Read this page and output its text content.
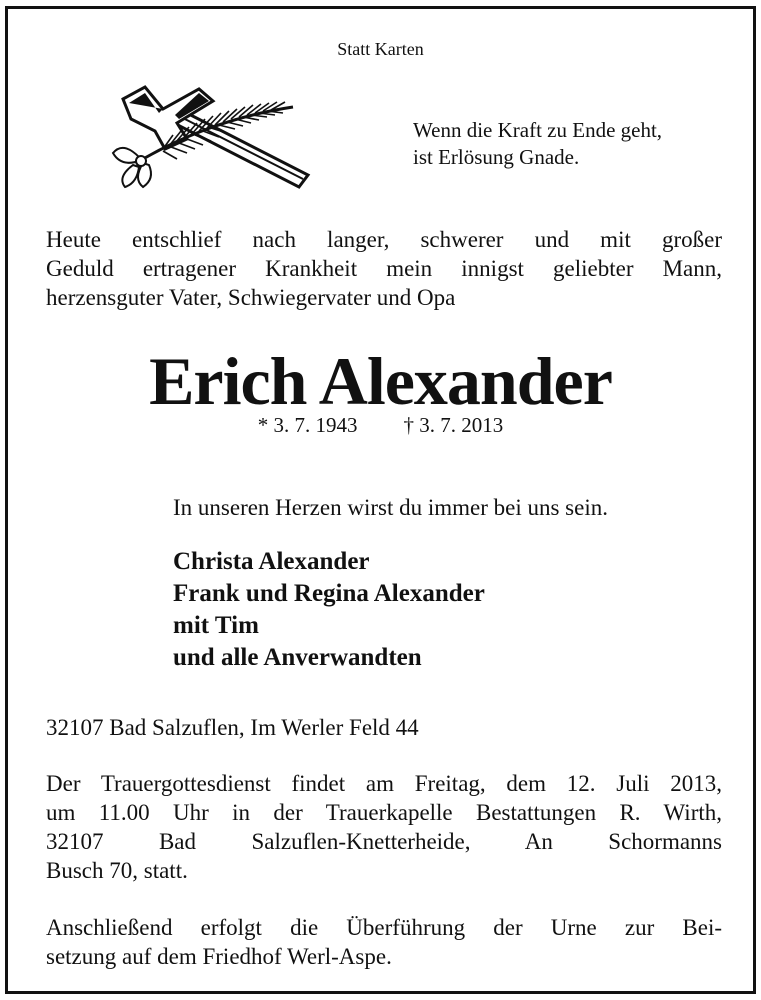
Statt Karten
Wenn die Kraft zu Ende geht,
ist Erlösung Gnade.
Heute entschlief nach langer, schwerer und mit großer
Geduld ertragener Krankheit mein innigst geliebter Mann,
herzensguter Vater, Schwiegervater und Opa
Erich Alexander
* 3. 7. 1943 † 3. 7. 2013
In unseren Herzen wirst du immer bei uns sein.
Christa Alexander
Frank und Regina Alexander
mit Tim
und alle Anverwandten
32107 Bad Salzuflen, Im Werler Feld 44
Der Trauergottesdienst findet am Freitag, dem 12. Juli 2013,
um 11.00 Uhr in der Trauerkapelle Bestattungen R. Wirth,
32107 Bad Salzuflen-Knetterheide, An Schormanns
Busch 70, statt.
Anschließend erfolgt die Überführung der Urne zur Bei-
setzung auf dem Friedhof Werl-Aspe.
